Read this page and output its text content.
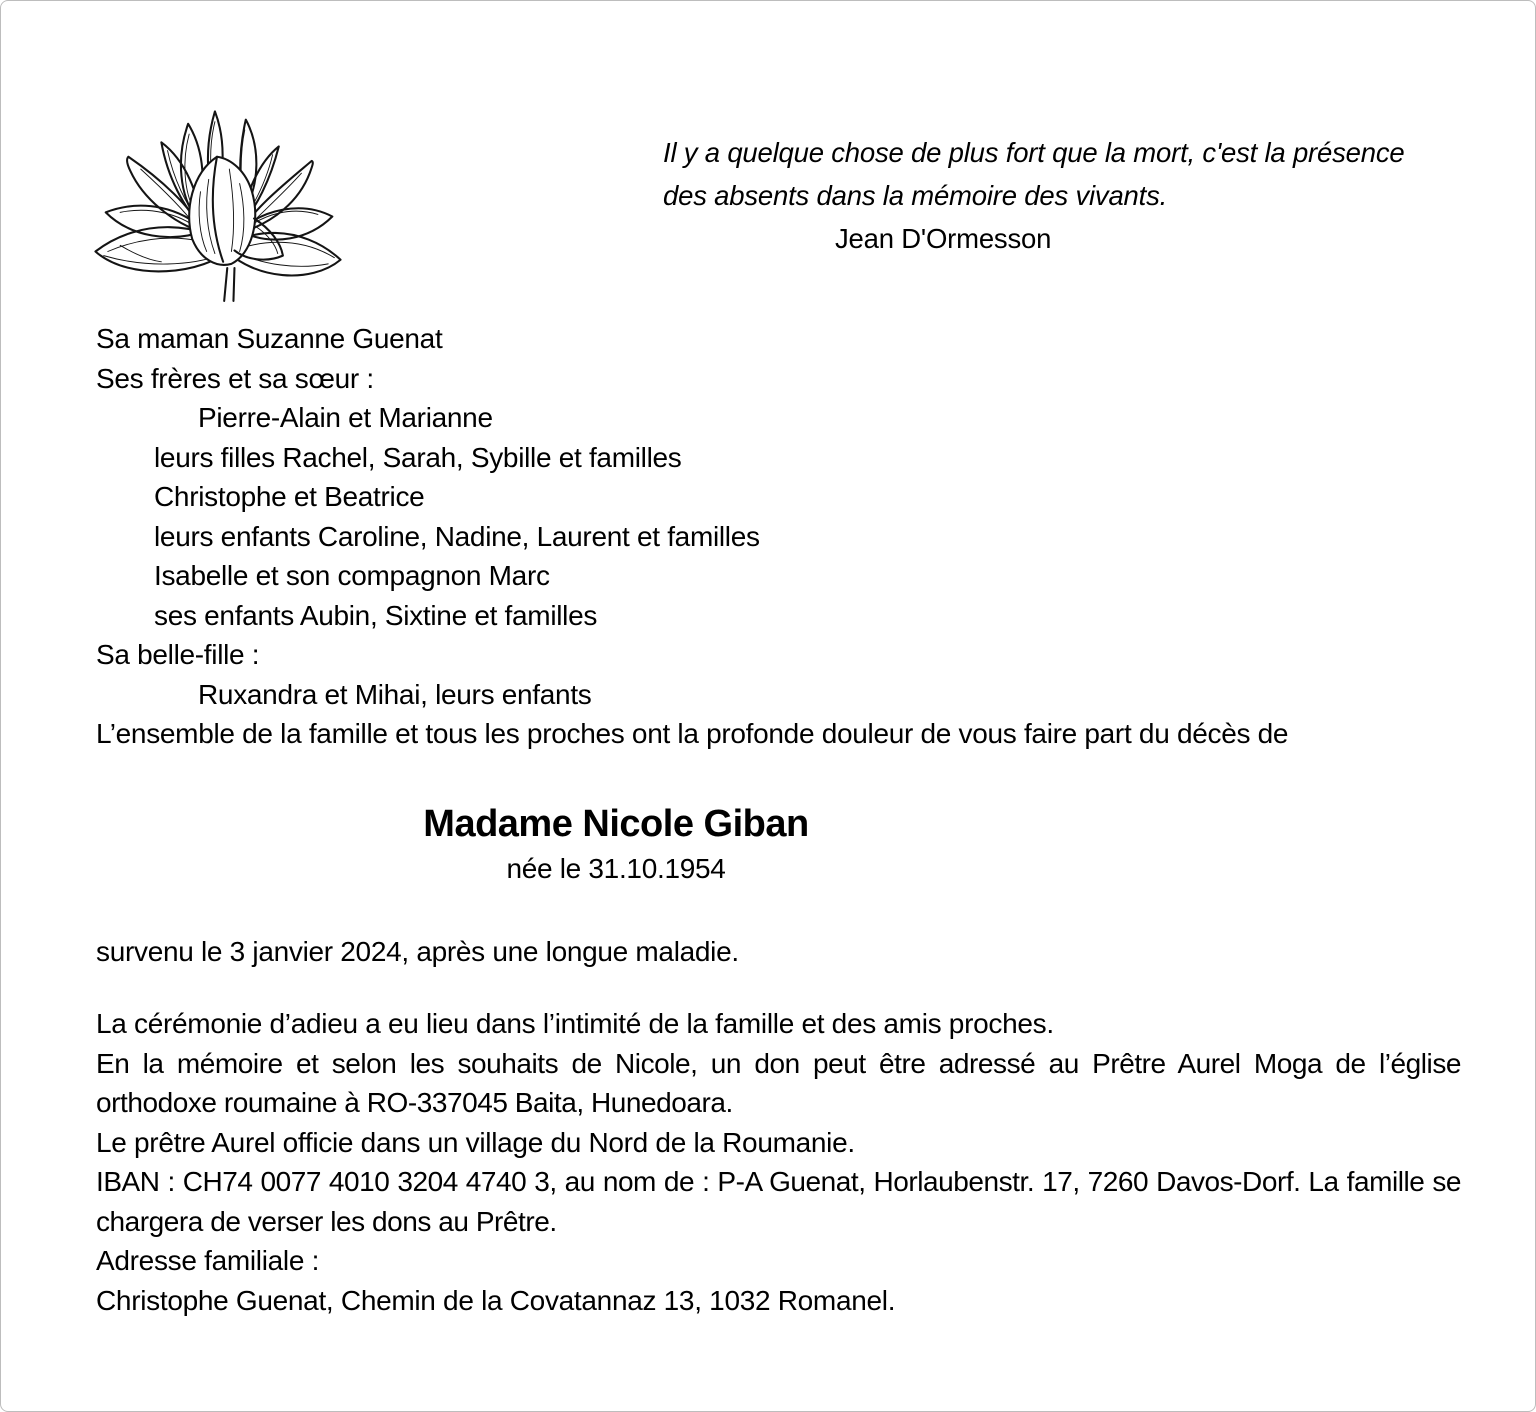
Il y a quelque chose de plus fort que la mort, c'est la présence
des absents dans la mémoire des vivants.
Jean D'Ormesson
Sa maman Suzanne Guenat
Ses frères et sa sœur :
Pierre-Alain et Marianne
leurs filles Rachel, Sarah, Sybille et familles
Christophe et Beatrice
leurs enfants Caroline, Nadine, Laurent et familles
Isabelle et son compagnon Marc
ses enfants Aubin, Sixtine et familles
Sa belle-fille :
Ruxandra et Mihai, leurs enfants
L’ensemble de la famille et tous les proches ont la profonde douleur de vous faire part du décès de
Madame Nicole Giban
née le 31.10.1954
survenu le 3 janvier 2024, après une longue maladie.
La cérémonie d’adieu a eu lieu dans l’intimité de la famille et des amis proches.
En la mémoire et selon les souhaits de Nicole, un don peut être adressé au Prêtre Aurel Moga de l’église orthodoxe roumaine à RO-337045 Baita, Hunedoara.
Le prêtre Aurel officie dans un village du Nord de la Roumanie.
IBAN : CH74 0077 4010 3204 4740 3, au nom de : P-A Guenat, Horlaubenstr. 17, 7260 Davos-Dorf. La famille se chargera de verser les dons au Prêtre.
Adresse familiale :
Christophe Guenat, Chemin de la Covatannaz 13, 1032 Romanel.
